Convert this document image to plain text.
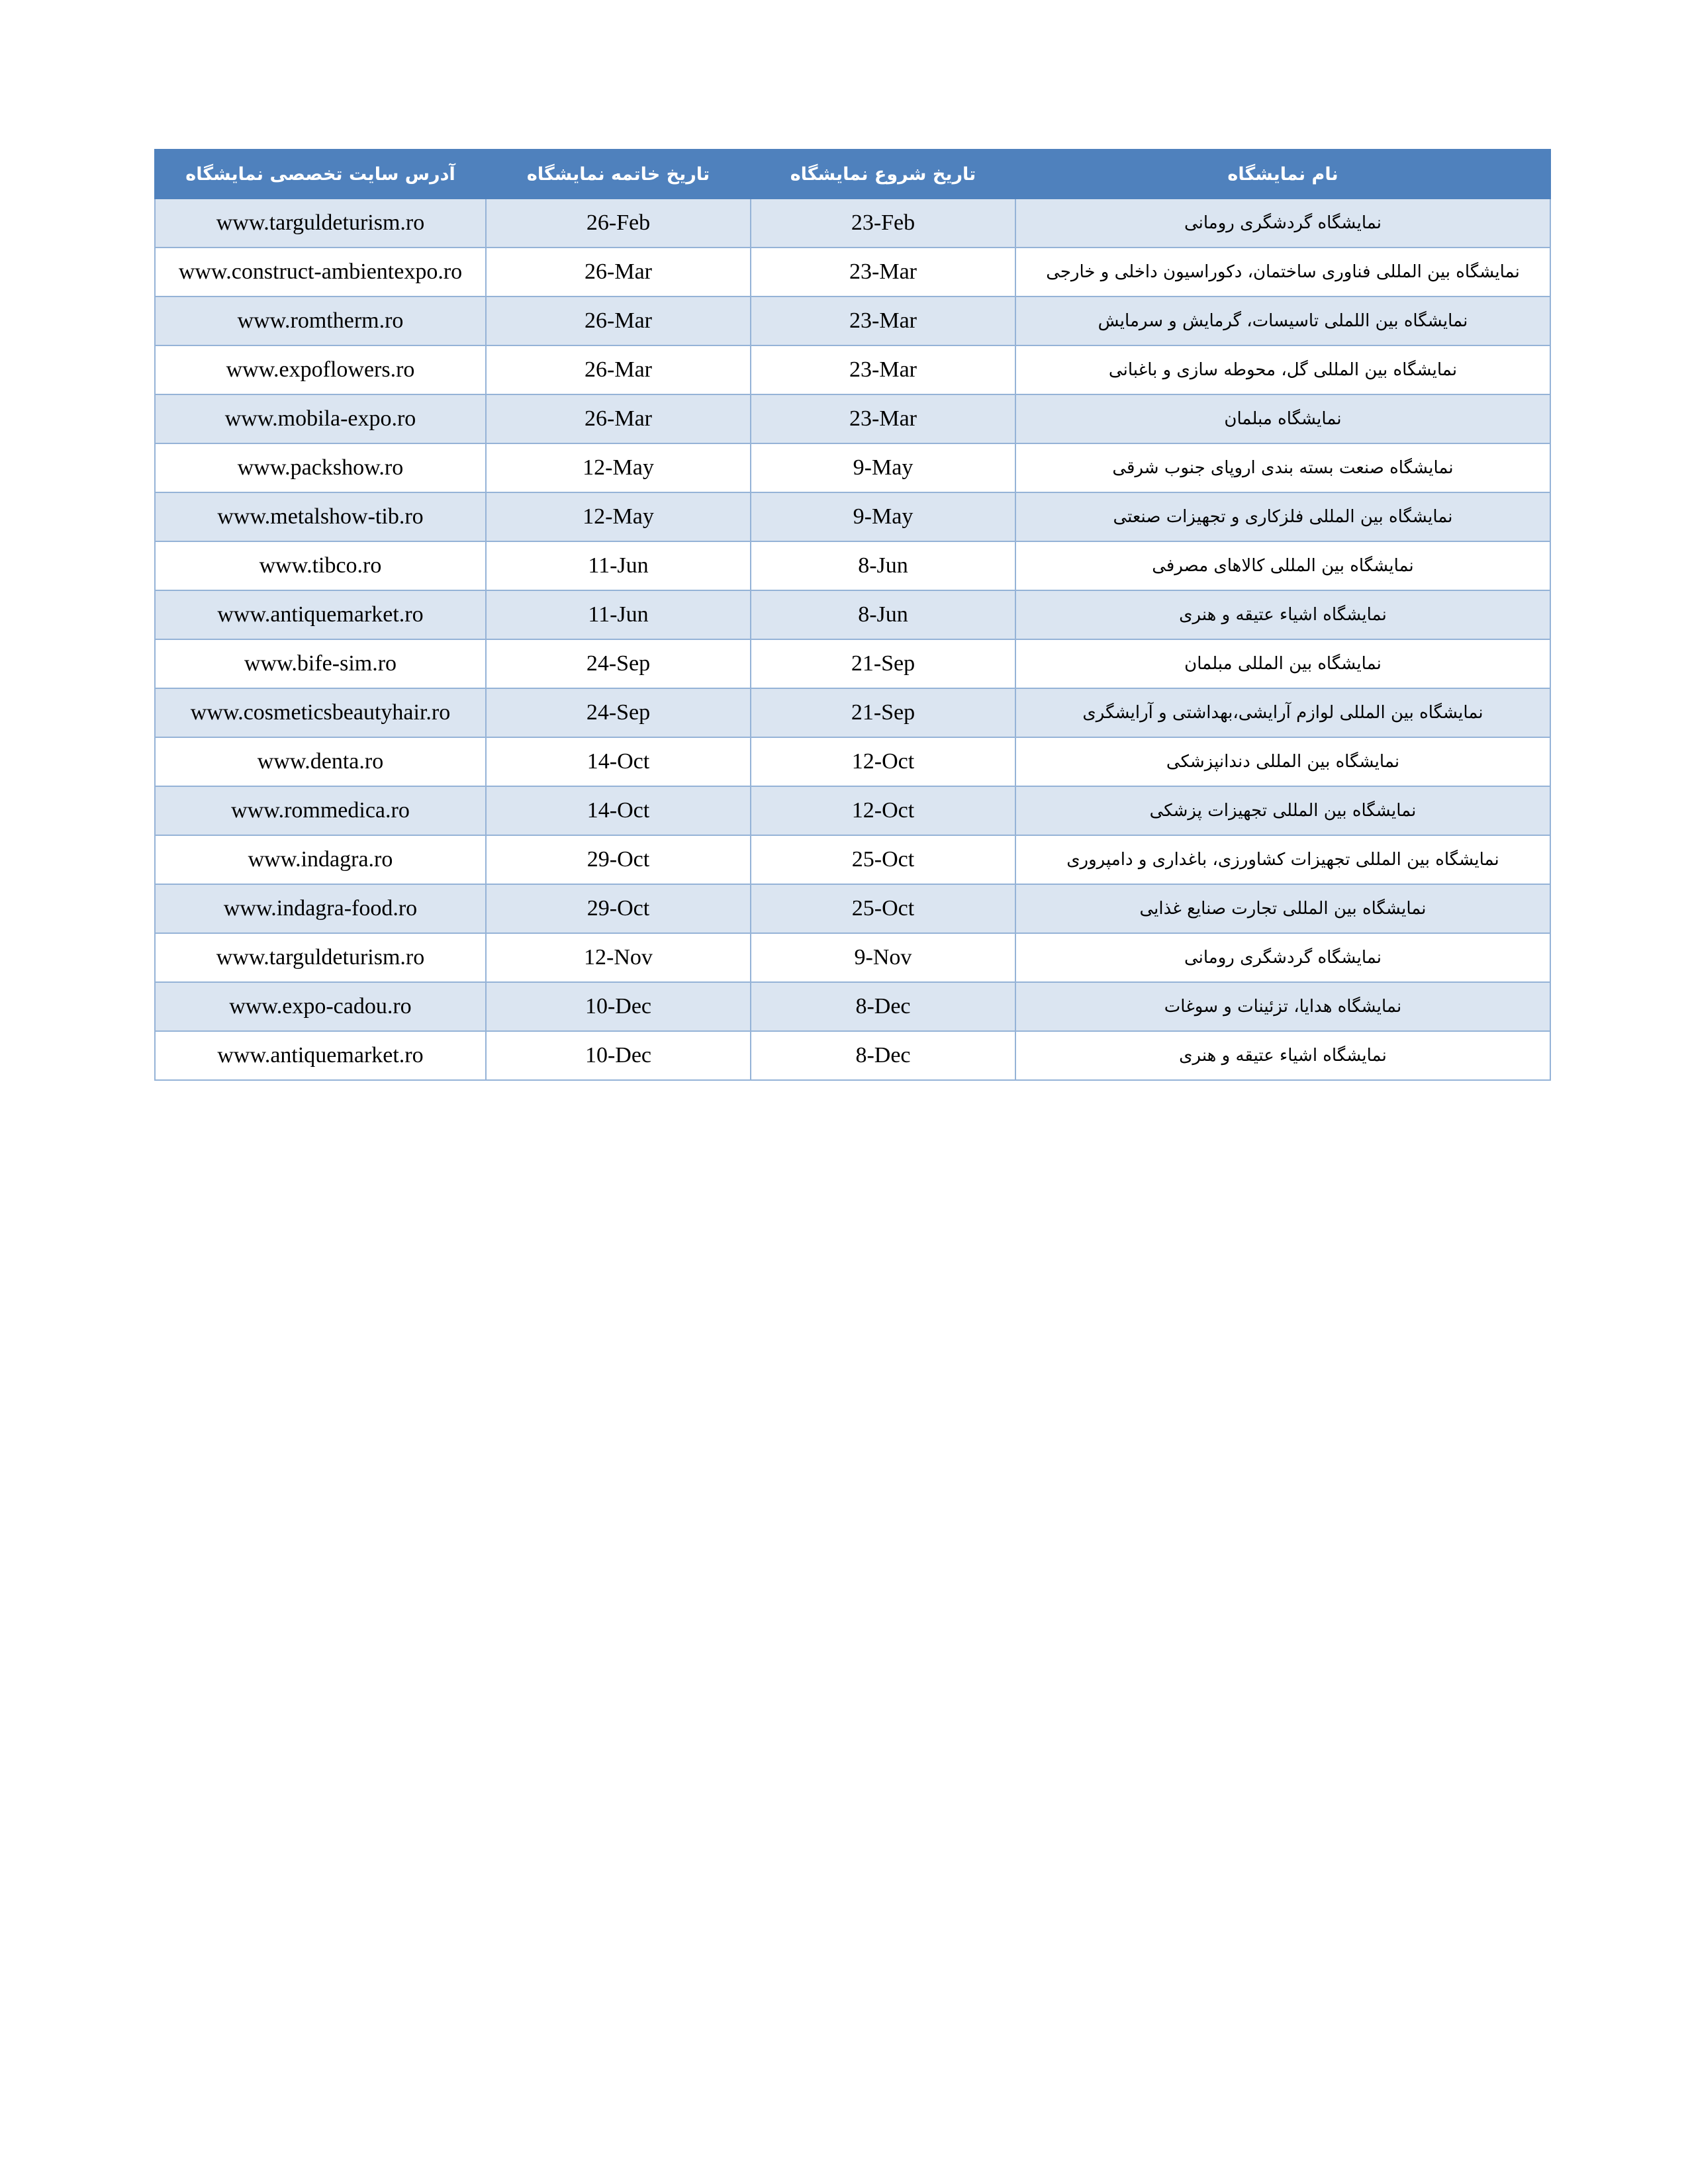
آدرس سایت تخصصی نمایشگاه	تاریخ خاتمه نمایشگاه	تاریخ شروع نمایشگاه	نام نمایشگاه
www.targuldeturism.ro	26-Feb	23-Feb	نمایشگاه گردشگری رومانی
www.construct-ambientexpo.ro	26-Mar	23-Mar	نمایشگاه بین المللی فناوری ساختمان، دکوراسیون داخلی و خارجی
www.romtherm.ro	26-Mar	23-Mar	نمایشگاه بین اللملی تاسیسات، گرمایش و سرمایش
www.expoflowers.ro	26-Mar	23-Mar	نمایشگاه بین المللی گل، محوطه سازی و باغبانی
www.mobila-expo.ro	26-Mar	23-Mar	نمایشگاه مبلمان
www.packshow.ro	12-May	9-May	نمایشگاه صنعت بسته بندی اروپای جنوب شرقی
www.metalshow-tib.ro	12-May	9-May	نمایشگاه بین المللی فلزکاری و تجهیزات صنعتی
www.tibco.ro	11-Jun	8-Jun	نمایشگاه بین المللی کالاهای مصرفی
www.antiquemarket.ro	11-Jun	8-Jun	نمایشگاه اشیاء عتیقه و هنری
www.bife-sim.ro	24-Sep	21-Sep	نمایشگاه بین المللی مبلمان
www.cosmeticsbeautyhair.ro	24-Sep	21-Sep	نمایشگاه بین المللی لوازم آرایشی،بهداشتی و آرایشگری
www.denta.ro	14-Oct	12-Oct	نمایشگاه بین المللی دندانپزشکی
www.rommedica.ro	14-Oct	12-Oct	نمایشگاه بین المللی تجهیزات پزشکی
www.indagra.ro	29-Oct	25-Oct	نمایشگاه بین المللی تجهیزات کشاورزی، باغداری و دامپروری
www.indagra-food.ro	29-Oct	25-Oct	نمایشگاه بین المللی تجارت صنایع غذایی
www.targuldeturism.ro	12-Nov	9-Nov	نمایشگاه گردشگری رومانی
www.expo-cadou.ro	10-Dec	8-Dec	نمایشگاه هدایا، تزئینات و سوغات
www.antiquemarket.ro	10-Dec	8-Dec	نمایشگاه اشیاء عتیقه و هنری
